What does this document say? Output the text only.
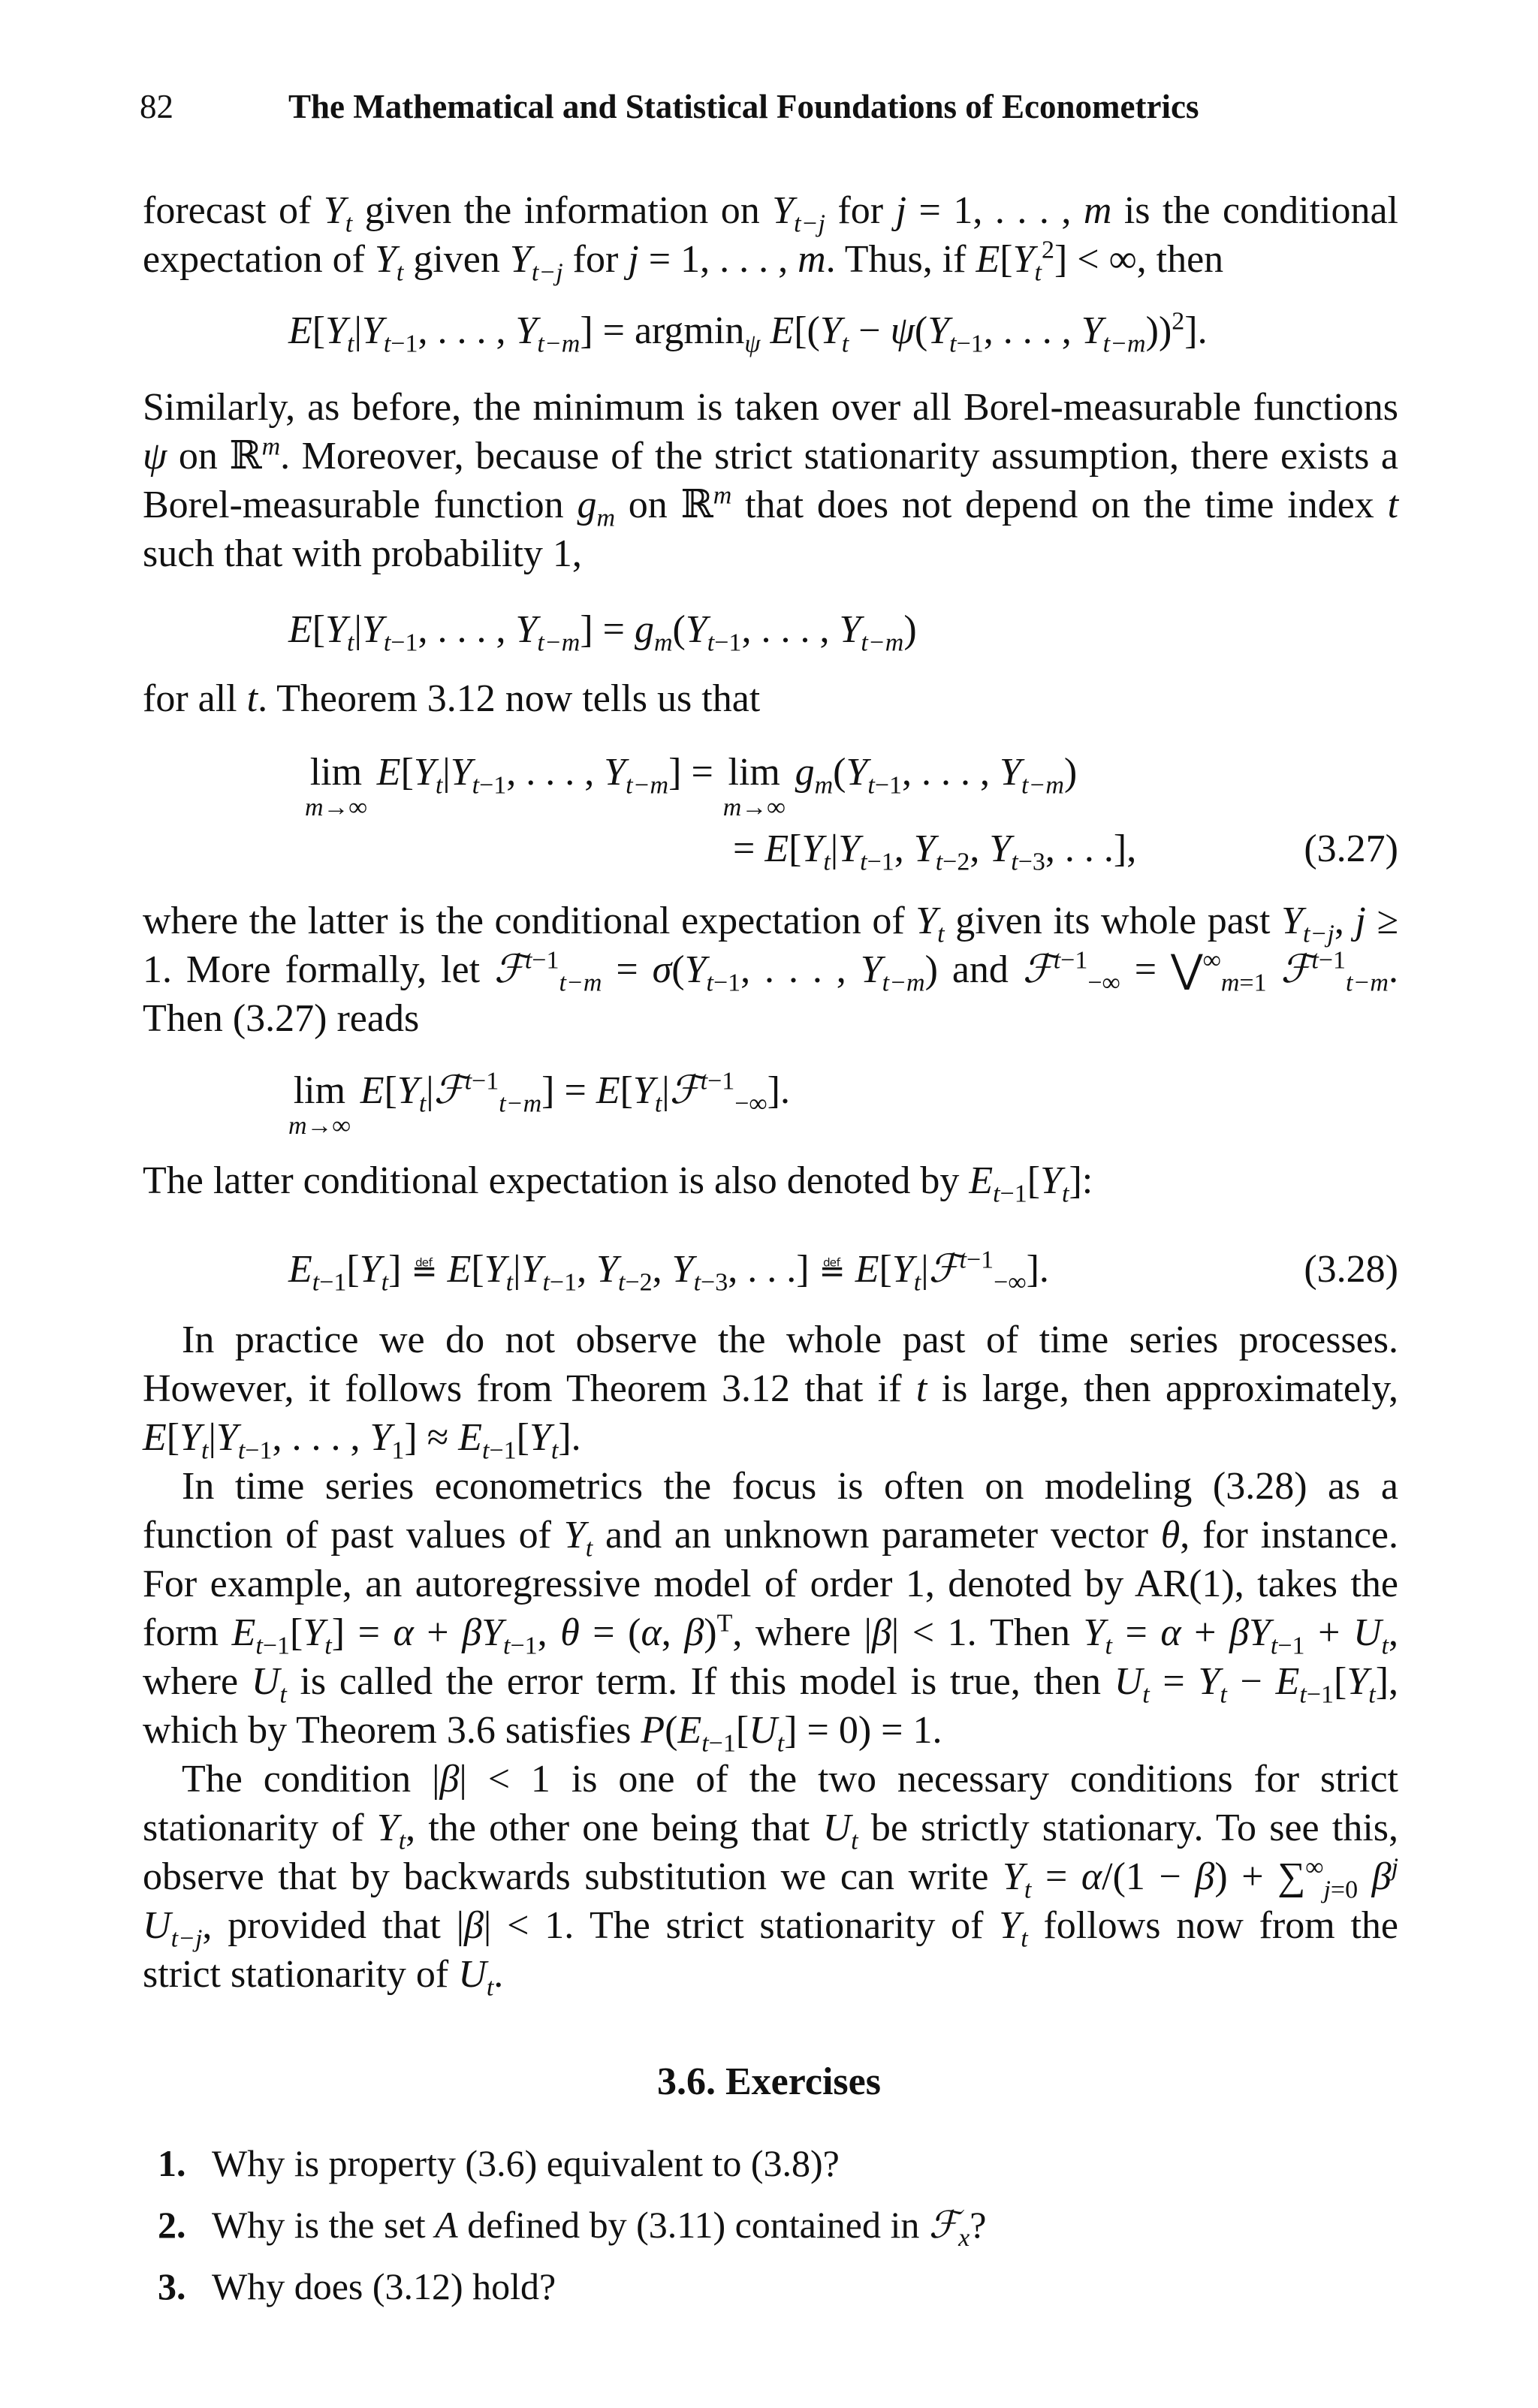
82	The Mathematical and Statistical Foundations of Econometrics

forecast of $Y_t$ given the information on $Y_{t-j}$ for j = 1, . . . , m is the conditional expectation of $Y_t$ given $Y_{t-j}$ for j = 1, . . . , m. Thus, if $E[Y_t^2]$ < ∞, then

$E[Y_t|Y_{t-1}$, . . . , $Y_{t-m}] = argmin_\psi$ $E[(Y_t - \psi(Y_{t-1}$, . . . , $Y_{t-m}))^2$].

Similarly, as before, the minimum is taken over all Borel-measurable functions ψ on ℝ$^m$. Moreover, because of the strict stationarity assumption, there exists a Borel-measurable function $g_m$ on ℝ$^m$ that does not depend on the time index t such that with probability 1,

$E[Y_t|Y_{t-1}$, . . . , $Y_{t-m}] = g_m(Y_{t-1}$, . . . , $Y_{t-m}$)

for all t. Theorem 3.12 now tells us that

lim
m→∞
$E[Y_t|Y_{t-1}$, . . . , $Y_{t-m}] = \lim$
m→∞
$g_m(Y_{t-1}$, . . . , $Y_{t-m}$)
= $E[Y_t|Y_{t-1}$, $Y_{t-2}$, $Y_{t-3}$, . . .],	(3.27)

where the latter is the conditional expectation of $Y_t$ given its whole past $Y_{t-j}$, j ≥ 1. More formally, let ℱ$^{t-1}_{t-m}$ = $\sigma(Y_{t-1}$, . . . , $Y_{t-m}$) and ℱ$^{t-1}_{-\infty}$ = $⋁^\infty_{m=1}$ ℱ$^{t-1}_{t-m}$. Then (3.27) reads

lim
m→∞
$E[Y_t|ℱ^{t-1}_{t-m}]$ = $E[Y_t|ℱ^{t-1}_{-\infty}]$.

The latter conditional expectation is also denoted by $E_{t-1}[Y_t]$:

$E_{t-1}[Y_t]$ ≝ $E[Y_t|Y_{t-1}$, $Y_{t-2}$, $Y_{t-3}$, . . .] ≝ $E[Y_t|ℱ^{t-1}_{-\infty}]$.	(3.28)

In practice we do not observe the whole past of time series processes. However, it follows from Theorem 3.12 that if t is large, then approximately, $E[Y_t|Y_{t-1}$, . . . , $Y_1] \approx E_{t-1}[Y_t]$.

In time series econometrics the focus is often on modeling (3.28) as a function of past values of $Y_t$ and an unknown parameter vector θ, for instance. For example, an autoregressive model of order 1, denoted by AR(1), takes the form $E_{t-1}[Y_t] = \alpha + \beta Y_{t-1}$, θ = (α, β)$^T$, where |β| < 1. Then $Y_t = \alpha + \beta Y_{t-1} + U_t$, where $U_t$ is called the error term. If this model is true, then $U_t = Y_t - E_{t-1}[Y_t]$, which by Theorem 3.6 satisfies $P(E_{t-1}[U_t] = 0) = 1$.

The condition |β| < 1 is one of the two necessary conditions for strict stationarity of $Y_t$, the other one being that $U_t$ be strictly stationary. To see this, observe that by backwards substitution we can write $Y_t = \alpha/(1 - \beta) + \sum^\infty_{j=0}$ $\beta^j$ $U_{t-j}$, provided that |β| < 1. The strict stationarity of $Y_t$ follows now from the strict stationarity of $U_t$.

3.6. Exercises
1. Why is property (3.6) equivalent to (3.8)?
2. Why is the set A defined by (3.11) contained in ℱ$_x$?
3. Why does (3.12) hold?
